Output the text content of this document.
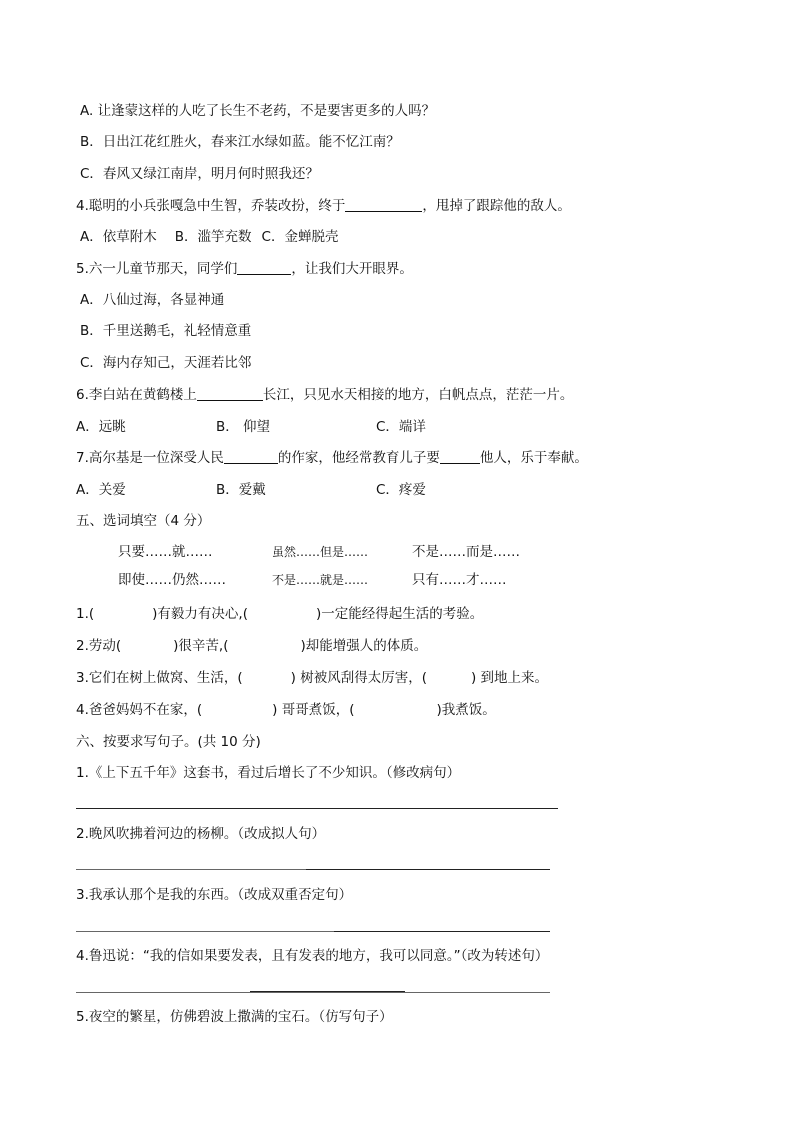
A. 让逢蒙这样的人吃了长生不老药，不是要害更多的人吗？
B．日出江花红胜火，春来江水绿如蓝。能不忆江南？
C．春风又绿江南岸，明月何时照我还？
4.聪明的小兵张嘎急中生智，乔装改扮，终于	，甩掉了跟踪他的敌人。
A．依草附木 B．滥竽充数 C．金蝉脱壳
5.六一儿童节那天，同学们	，让我们大开眼界。
A．八仙过海，各显神通
B．千里送鹅毛，礼轻情意重
C．海内存知己，天涯若比邻
6.李白站在黄鹤楼上	长江，只见水天相接的地方，白帆点点，茫茫一片。
A．远眺	B． 仰望	C．端详
7.高尔基是一位深受人民	的作家，他经常教育儿子要	他人，乐于奉献。
A．关爱	B．爱戴	C．疼爱
五、选词填空（4 分）
只要……就……	虽然……但是……	不是……而是……
即使……仍然……	不是……就是……	只有……才……
1.(	)有毅力有决心,(	)一定能经得起生活的考验。
2.劳动(	)很辛苦,(	)却能增强人的体质。
3.它们在树上做窝、生活，(	) 树被风刮得太厉害，(	) 到地上来。
4.爸爸妈妈不在家，(	) 哥哥煮饭，(	)我煮饭。
六、按要求写句子。(共 10 分)
1.《上下五千年》这套书，看过后增长了不少知识。（修改病句）
2.晚风吹拂着河边的杨柳。（改成拟人句）
3.我承认那个是我的东西。（改成双重否定句）
4.鲁迅说：“我的信如果要发表，且有发表的地方，我可以同意。”（改为转述句）
5.夜空的繁星，仿佛碧波上撒满的宝石。（仿写句子）
